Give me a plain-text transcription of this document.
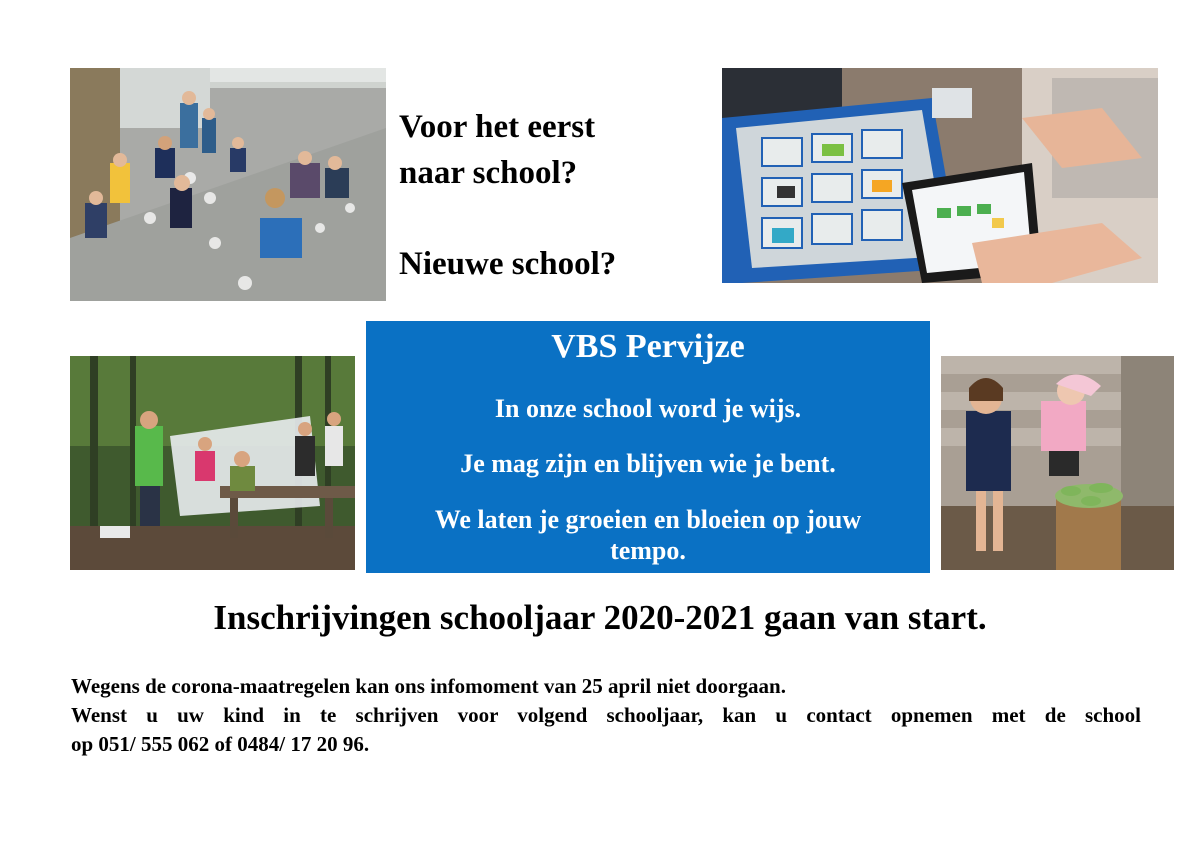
Voor het eerst
naar school?
Nieuwe school?
VBS Pervijze
In onze school word je wijs.
Je mag zijn en blijven wie je bent.
We laten je groeien en bloeien op jouw
tempo.
Inschrijvingen schooljaar 2020-2021 gaan van start.
Wegens de corona-maatregelen kan ons infomoment van 25 april niet doorgaan.
Wenst u uw kind in te schrijven voor volgend schooljaar, kan u contact opnemen met de school
op 051/ 555 062 of 0484/ 17 20 96.
